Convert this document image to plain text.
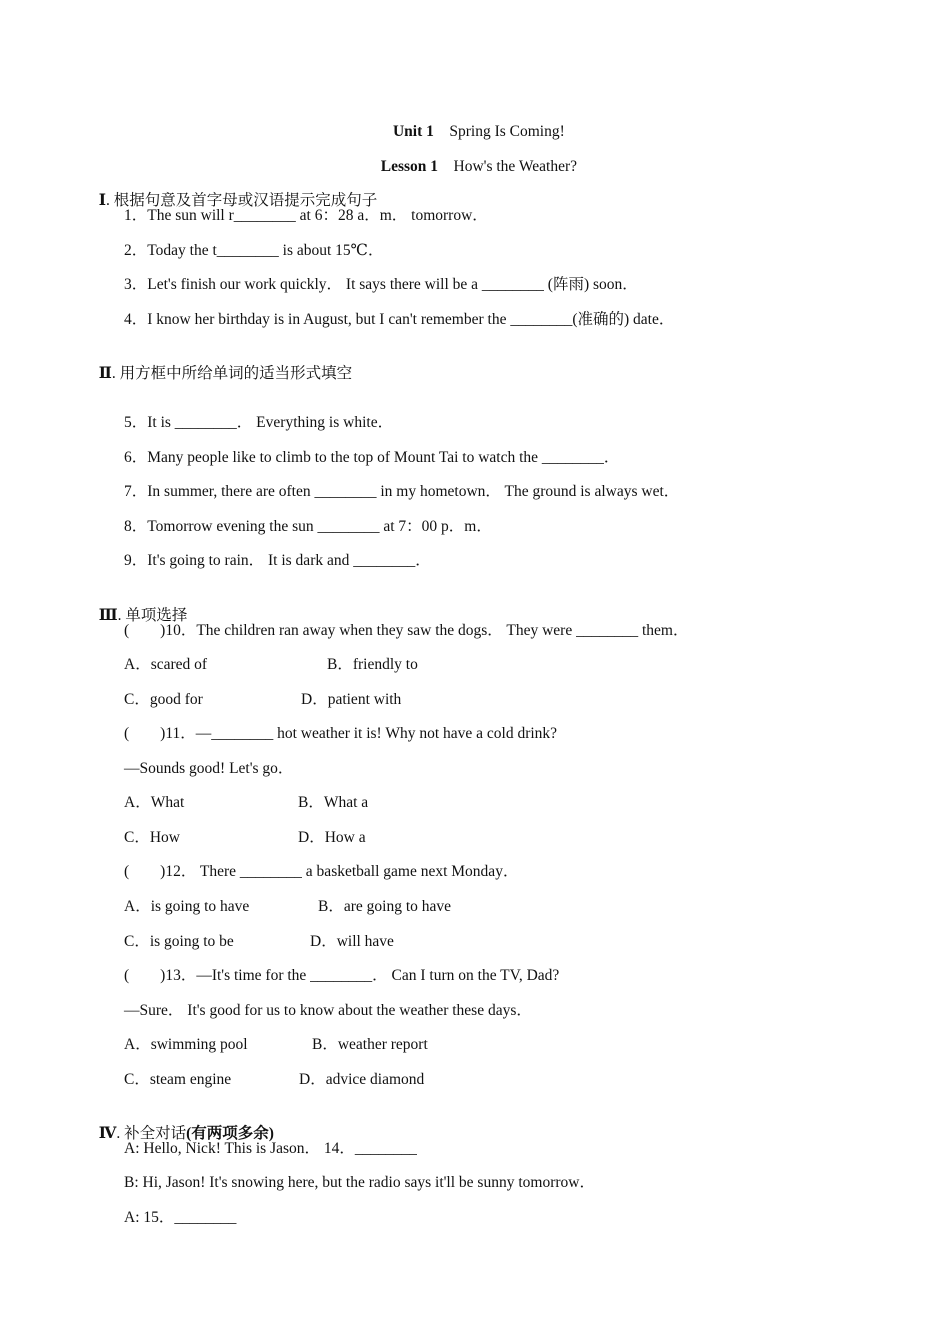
Unit 1 Spring Is Coming!

Lesson 1 How's the Weather?

Ⅰ. 根据句意及首字母或汉语提示完成句子

1．The sun will r________ at 6：28 a．m． tomorrow．
2．Today the t________ is about 15℃．
3．Let's finish our work quickly． It says there will be a ________ (阵雨) soon．
4．I know her birthday is in August, but I can't remember the ________(准确的) date．

Ⅱ. 用方框中所给单词的适当形式填空

5．It is ________． Everything is white．
6．Many people like to climb to the top of Mount Tai to watch the ________．
7．In summer, there are often ________ in my hometown． The ground is always wet．
8．Tomorrow evening the sun ________ at 7：00 p．m．
9．It's going to rain． It is dark and ________．

Ⅲ. 单项选择

(　　)10．The children ran away when they saw the dogs． They were ________ them．
A．scared of	B．friendly to
C．good for	D．patient with
(　　)11．—________ hot weather it is! Why not have a cold drink?
—Sounds good! Let's go．
A．What	B．What a
C．How	D．How a
(　　)12． There ________ a basketball game next Monday．
A．is going to have	B．are going to have
C．is going to be	D．will have
(　　)13．—It's time for the ________． Can I turn on the TV, Dad?
—Sure． It's good for us to know about the weather these days．
A．swimming pool	B．weather report
C．steam engine	D．advice diamond

Ⅳ. 补全对话(有两项多余)

A: Hello, Nick! This is Jason． 14．________
B: Hi, Jason! It's snowing here, but the radio says it'll be sunny tomorrow．
A: 15．________
